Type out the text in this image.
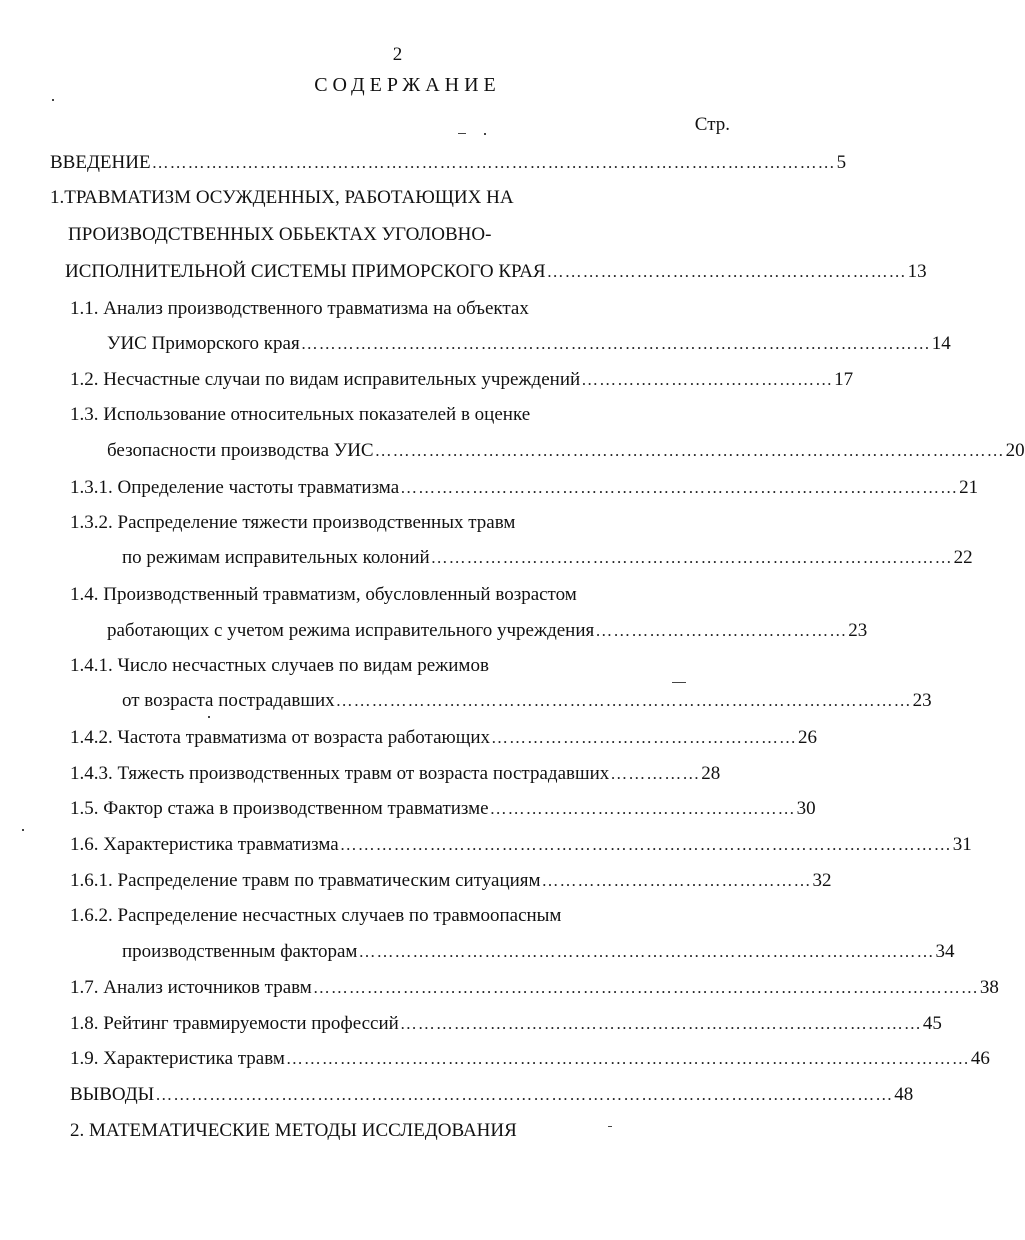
2
СОДЕРЖАНИЕ
Стр.
ВВЕДЕНИЕ …………………………………………………………………………………………………… 5
1.ТРАВМАТИЗМ ОСУЖДЕННЫХ, РАБОТАЮЩИХ НА
ПРОИЗВОДСТВЕННЫХ ОБЬЕКТАХ УГОЛОВНО-
ИСПОЛНИТЕЛЬНОЙ СИСТЕМЫ ПРИМОРСКОГО КРАЯ …………………………………………………… 13
1.1. Анализ производственного травматизма на объектах
УИС Приморского края …………………………………………………………………………………………… 14
1.2. Несчастные случаи по видам исправительных учреждений …………………………………… 17
1.3. Использование относительных показателей в оценке
безопасности производства УИС …………………………………………………………………………………………… 20
1.3.1. Определение частоты травматизма ………………………………………………………………………………… 21
1.3.2. Распределение тяжести производственных травм
по режимам исправительных колоний …………………………………………………………………………… 22
1.4. Производственный травматизм, обусловленный возрастом
работающих с учетом режима исправительного учреждения …………………………………… 23
1.4.1. Число несчастных случаев по видам режимов
от возраста пострадавших …………………………………………………………………………………… 23
1.4.2. Частота травматизма от возраста работающих …………………………………………… 26
1.4.3. Тяжесть производственных травм от возраста пострадавших …………… 28
1.5. Фактор стажа в производственном травматизме …………………………………………… 30
1.6. Характеристика травматизма ………………………………………………………………………………………… 31
1.6.1. Распределение травм по травматическим ситуациям ……………………………………… 32
1.6.2. Распределение несчастных случаев по травмоопасным
производственным факторам …………………………………………………………………………………… 34
1.7. Анализ источников травм ………………………………………………………………………………………………… 38
1.8. Рейтинг травмируемости профессий …………………………………………………………………………… 45
1.9. Характеристика травм …………………………………………………………………………………………………… 46
ВЫВОДЫ …………………………………………………………………………………………………………… 48
2. МАТЕМАТИЧЕСКИЕ МЕТОДЫ ИССЛЕДОВАНИЯ
